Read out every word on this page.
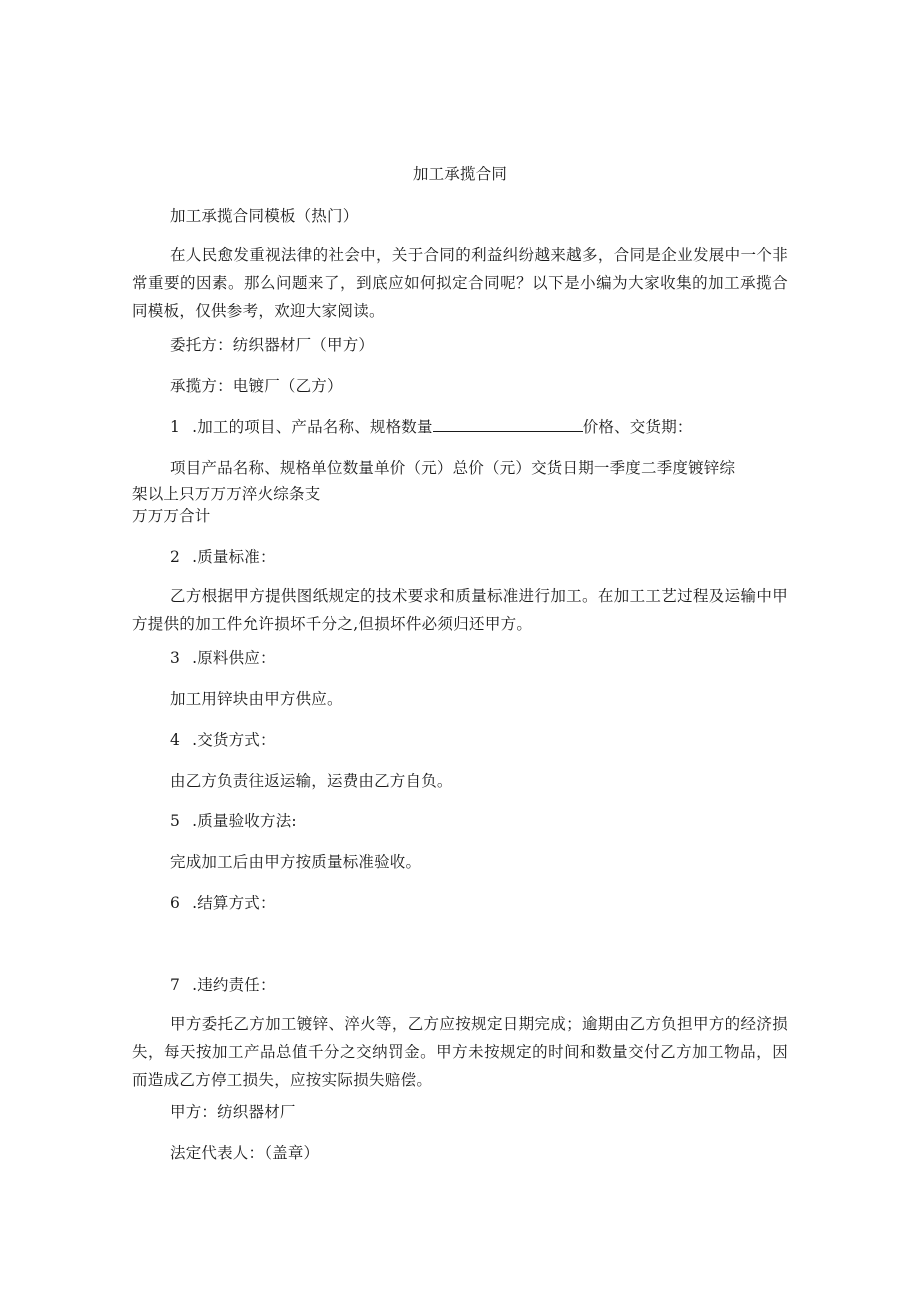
加工承揽合同
加工承揽合同模板（热门）
在人民愈发重视法律的社会中，关于合同的利益纠纷越来越多，合同是企业发展中一个非常重要的因素。那么问题来了，到底应如何拟定合同呢？以下是小编为大家收集的加工承揽合同模板，仅供参考，欢迎大家阅读。
委托方：纺织器材厂（甲方）
承揽方：电镀厂（乙方）
1 .加工的项目、产品名称、规格数量	价格、交货期：
项目产品名称、规格单位数量单价（元）总价（元）交货日期一季度二季度镀锌综
架以上只万万万淬火综条支
万万万合计
2 .质量标准：
乙方根据甲方提供图纸规定的技术要求和质量标准进行加工。在加工工艺过程及运输中甲方提供的加工件允许损坏千分之,但损坏件必须归还甲方。
3 .原料供应：
加工用锌块由甲方供应。
4 .交货方式：
由乙方负责往返运输，运费由乙方自负。
5 .质量验收方法:
完成加工后由甲方按质量标准验收。
6 .结算方式：
7 .违约责任：
甲方委托乙方加工镀锌、淬火等，乙方应按规定日期完成；逾期由乙方负担甲方的经济损失，每天按加工产品总值千分之交纳罚金。甲方未按规定的时间和数量交付乙方加工物品，因而造成乙方停工损失，应按实际损失赔偿。
甲方：纺织器材厂
法定代表人：（盖章）
